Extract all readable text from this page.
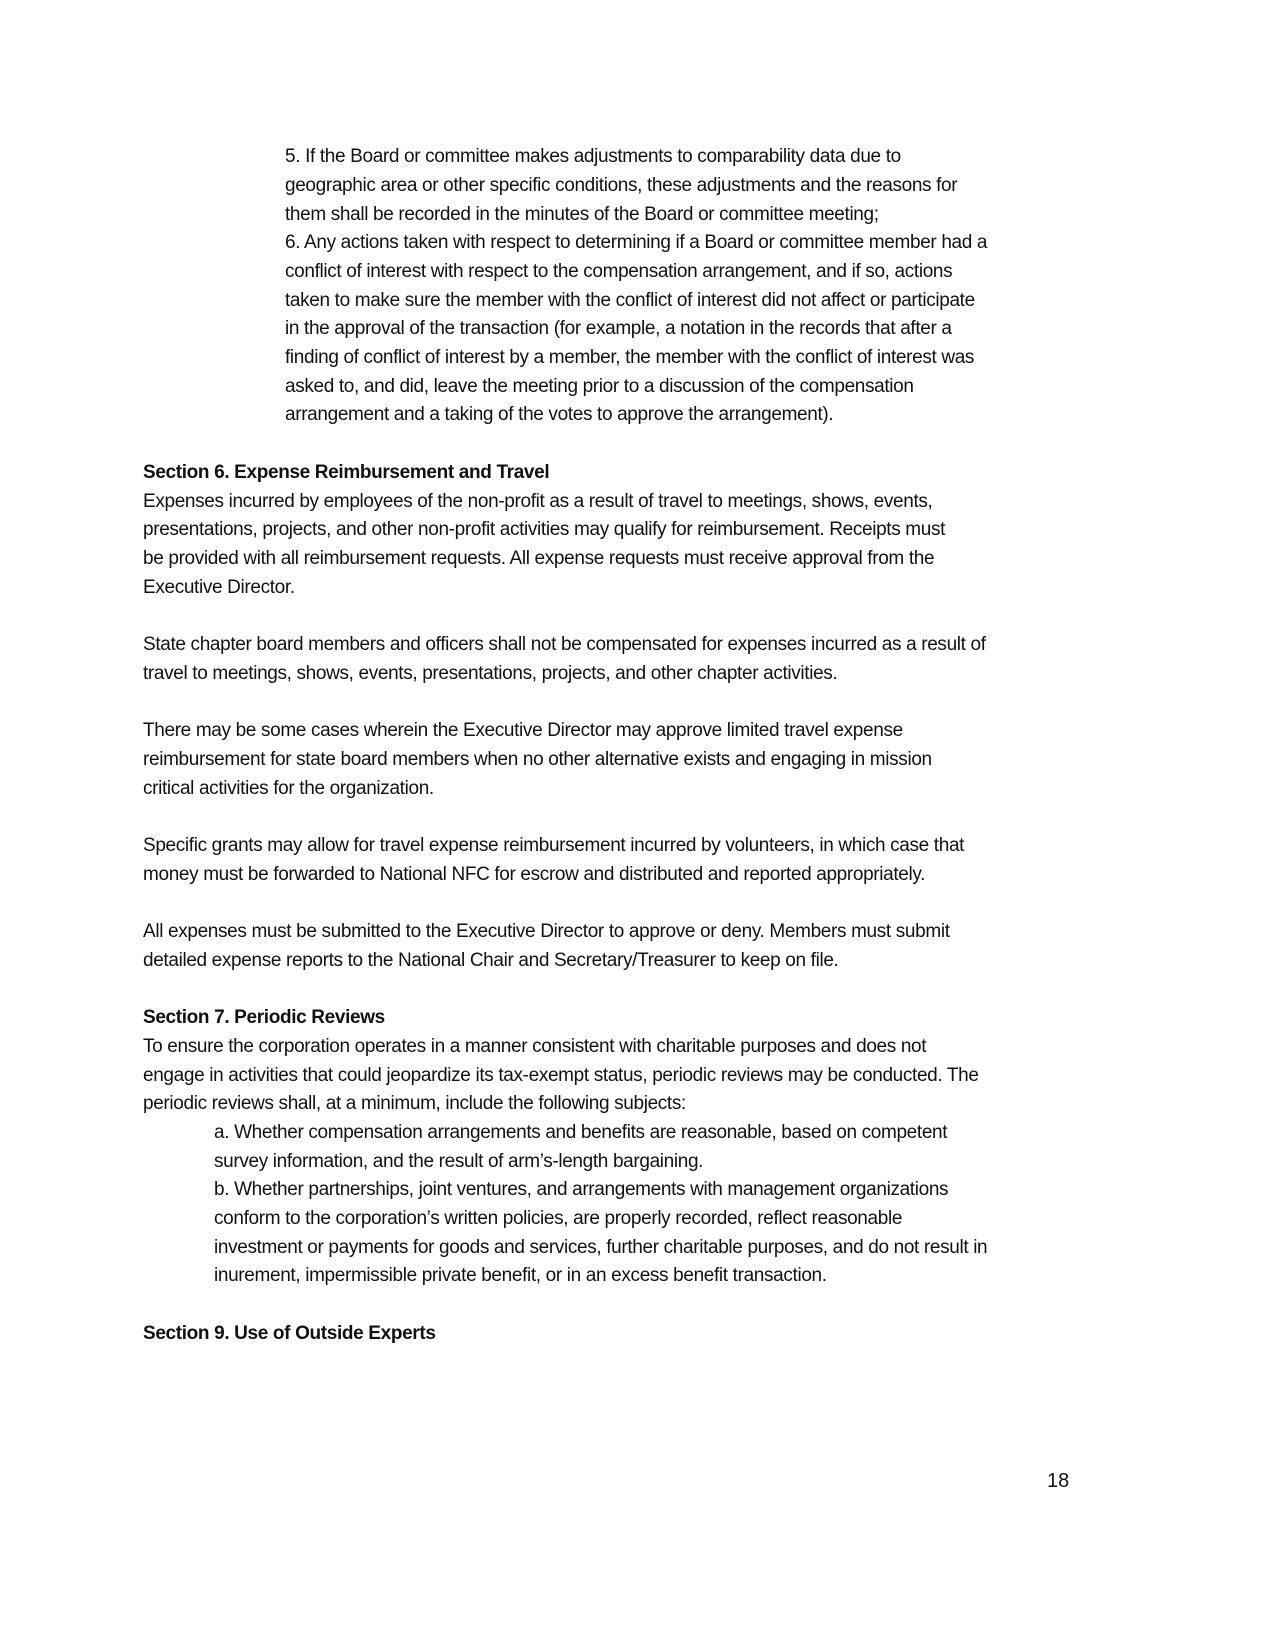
5. If the Board or committee makes adjustments to comparability data due to
geographic area or other specific conditions, these adjustments and the reasons for
them shall be recorded in the minutes of the Board or committee meeting;
6. Any actions taken with respect to determining if a Board or committee member had a
conflict of interest with respect to the compensation arrangement, and if so, actions
taken to make sure the member with the conflict of interest did not affect or participate
in the approval of the transaction (for example, a notation in the records that after a
finding of conflict of interest by a member, the member with the conflict of interest was
asked to, and did, leave the meeting prior to a discussion of the compensation
arrangement and a taking of the votes to approve the arrangement).
Section 6. Expense Reimbursement and Travel
Expenses incurred by employees of the non-profit as a result of travel to meetings, shows, events,
presentations, projects, and other non-profit activities may qualify for reimbursement. Receipts must
be provided with all reimbursement requests. All expense requests must receive approval from the
Executive Director.
State chapter board members and officers shall not be compensated for expenses incurred as a result of
travel to meetings, shows, events, presentations, projects, and other chapter activities.
There may be some cases wherein the Executive Director may approve limited travel expense
reimbursement for state board members when no other alternative exists and engaging in mission
critical activities for the organization.
Specific grants may allow for travel expense reimbursement incurred by volunteers, in which case that
money must be forwarded to National NFC for escrow and distributed and reported appropriately.
All expenses must be submitted to the Executive Director to approve or deny. Members must submit
detailed expense reports to the National Chair and Secretary/Treasurer to keep on file.
Section 7. Periodic Reviews
To ensure the corporation operates in a manner consistent with charitable purposes and does not
engage in activities that could jeopardize its tax-exempt status, periodic reviews may be conducted. The
periodic reviews shall, at a minimum, include the following subjects:
a. Whether compensation arrangements and benefits are reasonable, based on competent
survey information, and the result of arm’s-length bargaining.
b. Whether partnerships, joint ventures, and arrangements with management organizations
conform to the corporation’s written policies, are properly recorded, reflect reasonable
investment or payments for goods and services, further charitable purposes, and do not result in
inurement, impermissible private benefit, or in an excess benefit transaction.
Section 9. Use of Outside Experts
18
